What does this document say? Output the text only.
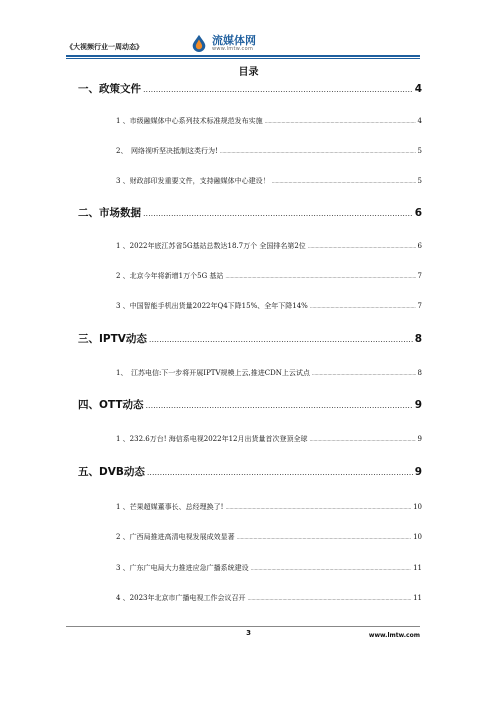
《大视频行业一周动态》	流媒体网
www.lmtw.com
目录
一、政策文件 .....	4
1 、市级融媒体中心系列技术标准规范发布实施 .....	4
2、　网络视听坚决抵制这类行为! .....	5
3 、财政部印发重要文件，支持融媒体中心建设！ .....	5
二、市场数据 .....	6
1 、2022年底江苏省5G基站总数达18.7万个 全国排名第2位 .....	6
2 、北京今年将新增1万个5G 基站 .....	7
3 、中国智能手机出货量2022年Q4下降15%、全年下降14% .....	7
三、IPTV动态 .....	8
1、　江苏电信:下一步将开展IPTV规模上云,推进CDN上云试点 .....	8
四、OTT动态 .....	9
1 、232.6万台! 海信系电视2022年12月出货量首次登顶全球 .....	9
五、DVB动态 .....	9
1 、芒果超媒董事长、总经理换了! .....	10
2 、广西局推进高清电视发展成效显著 .....	10
3 、广东广电局大力推进应急广播系统建设 .....	11
4 、2023年北京市广播电视工作会议召开 .....	11
3	www.lmtw.com
